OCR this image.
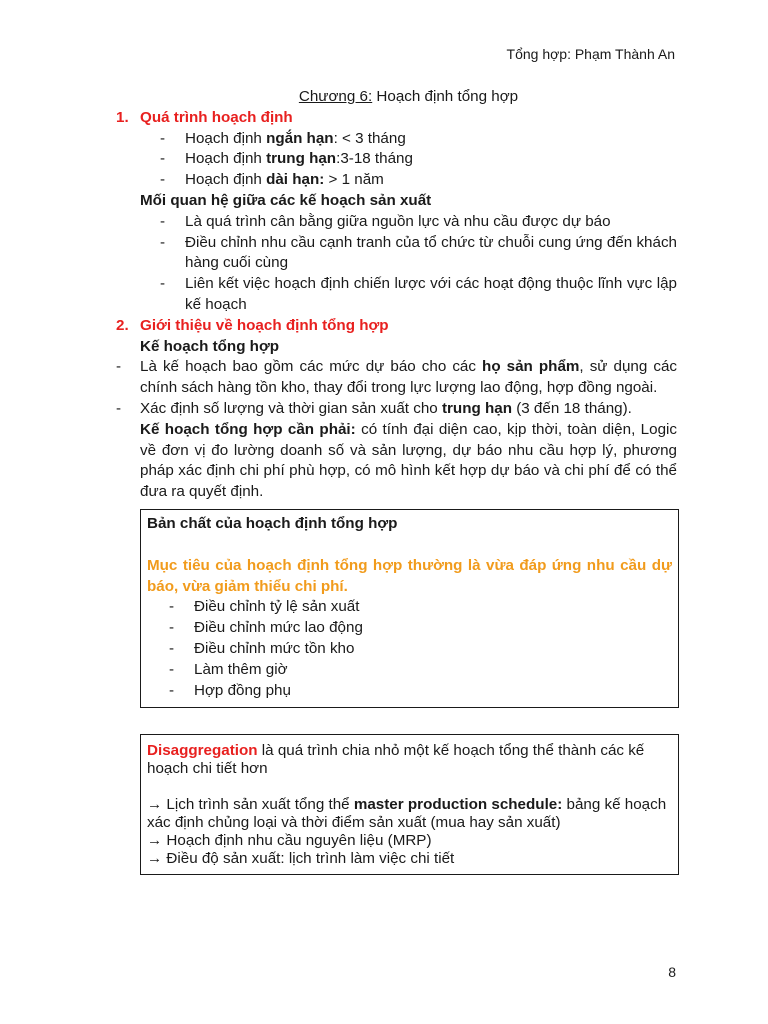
Tổng hợp: Phạm Thành An
Chương 6: Hoạch định tổng hợp
1. Quá trình hoạch định
-	Hoạch định ngắn hạn: < 3 tháng
-	Hoạch định trung hạn:3-18 tháng
-	Hoạch định dài hạn: > 1 năm
Mối quan hệ giữa các kế hoạch sản xuất
-	Là quá trình cân bằng giữa nguồn lực và nhu cầu được dự báo
-	Điều chỉnh nhu cầu cạnh tranh của tổ chức từ chuỗi cung ứng đến khách hàng cuối cùng
-	Liên kết việc hoạch định chiến lược với các hoạt động thuộc lĩnh vực lập kế hoạch
2. Giới thiệu về hoạch định tổng hợp
Kế hoạch tổng hợp
-	Là kế hoạch bao gồm các mức dự báo cho các họ sản phẩm, sử dụng các chính sách hàng tồn kho, thay đổi trong lực lượng lao động, hợp đồng ngoài.
-	Xác định số lượng và thời gian sản xuất cho trung hạn (3 đến 18 tháng).
Kế hoạch tổng hợp cần phải: có tính đại diện cao, kịp thời, toàn diện, Logic về đơn vị đo lường doanh số và sản lượng, dự báo nhu cầu hợp lý, phương pháp xác định chi phí phù hợp, có mô hình kết hợp dự báo và chi phí để có thể đưa ra quyết định.
Bản chất của hoạch định tổng hợp
Mục tiêu của hoạch định tổng hợp thường là vừa đáp ứng nhu cầu dự báo, vừa giảm thiểu chi phí.
-	Điều chỉnh tỷ lệ sản xuất
-	Điều chỉnh mức lao động
-	Điều chỉnh mức tồn kho
-	Làm thêm giờ
-	Hợp đồng phụ
Disaggregation là quá trình chia nhỏ một kế hoạch tổng thể thành các kế hoạch chi tiết hơn
→ Lịch trình sản xuất tổng thể master production schedule: bảng kế hoạch xác định chủng loại và thời điểm sản xuất (mua hay sản xuất)
→ Hoạch định nhu cầu nguyên liệu (MRP)
→ Điều độ sản xuất: lịch trình làm việc chi tiết
8
